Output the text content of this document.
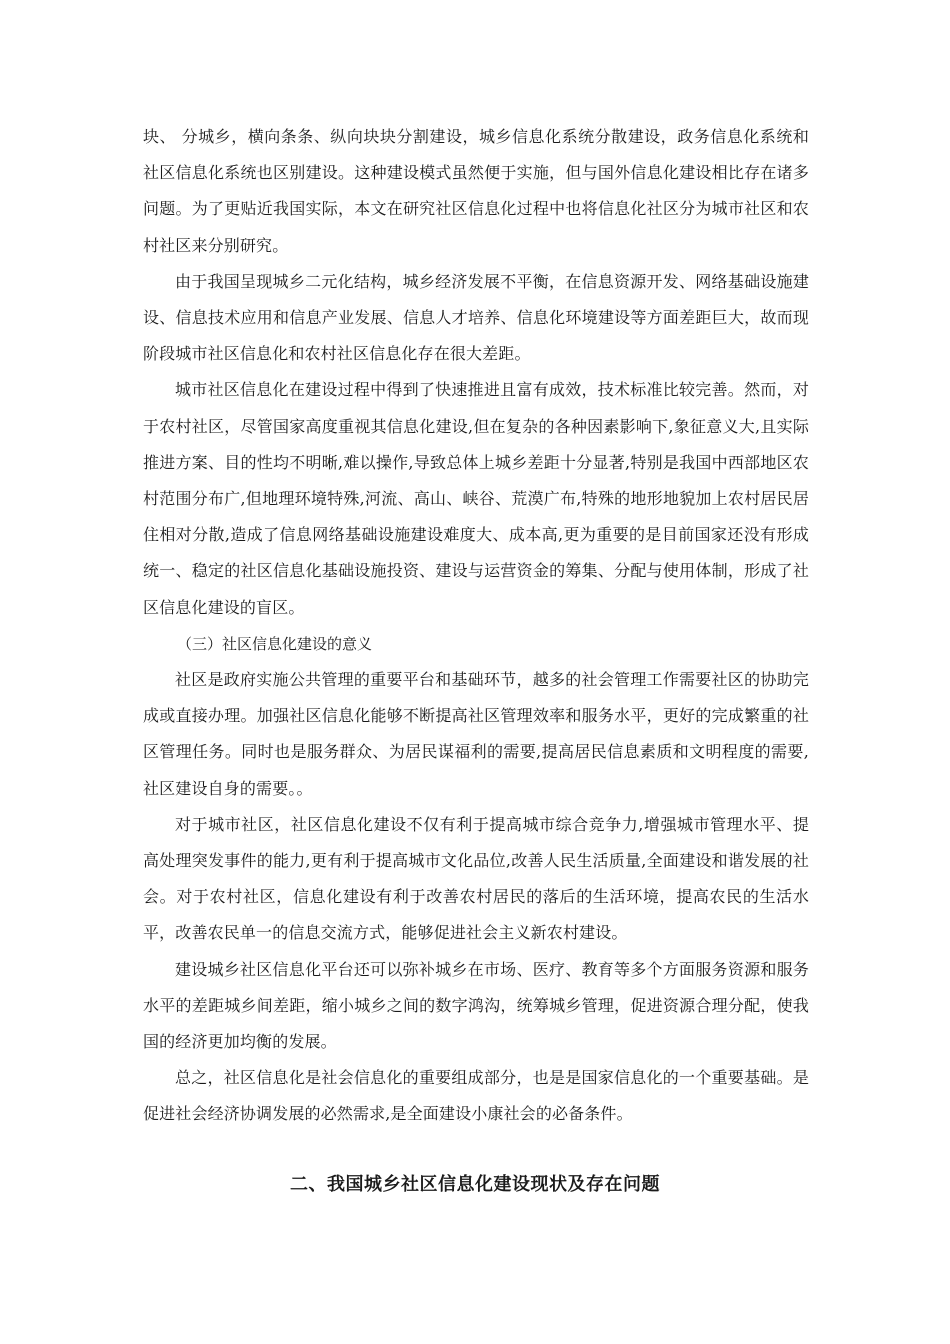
块、 分城乡，横向条条、纵向块块分割建设，城乡信息化系统分散建设，政务信息化系统和社区信息化系统也区别建设。这种建设模式虽然便于实施，但与国外信息化建设相比存在诸多问题。为了更贴近我国实际，本文在研究社区信息化过程中也将信息化社区分为城市社区和农村社区来分别研究。

由于我国呈现城乡二元化结构，城乡经济发展不平衡，在信息资源开发、网络基础设施建设、信息技术应用和信息产业发展、信息人才培养、信息化环境建设等方面差距巨大，故而现阶段城市社区信息化和农村社区信息化存在很大差距。

城市社区信息化在建设过程中得到了快速推进且富有成效，技术标准比较完善。然而，对于农村社区，尽管国家高度重视其信息化建设,但在复杂的各种因素影响下,象征意义大,且实际推进方案、目的性均不明晰,难以操作,导致总体上城乡差距十分显著,特别是我国中西部地区农村范围分布广,但地理环境特殊,河流、高山、峡谷、荒漠广布,特殊的地形地貌加上农村居民居住相对分散,造成了信息网络基础设施建设难度大、成本高,更为重要的是目前国家还没有形成统一、稳定的社区信息化基础设施投资、建设与运营资金的筹集、分配与使用体制，形成了社区信息化建设的盲区。

（三）社区信息化建设的意义

社区是政府实施公共管理的重要平台和基础环节，越多的社会管理工作需要社区的协助完成或直接办理。加强社区信息化能够不断提高社区管理效率和服务水平，更好的完成繁重的社区管理任务。同时也是服务群众、为居民谋福利的需要,提高居民信息素质和文明程度的需要,社区建设自身的需要。。

对于城市社区，社区信息化建设不仅有利于提高城市综合竞争力,增强城市管理水平、提高处理突发事件的能力,更有利于提高城市文化品位,改善人民生活质量,全面建设和谐发展的社会。对于农村社区，信息化建设有利于改善农村居民的落后的生活环境，提高农民的生活水平，改善农民单一的信息交流方式，能够促进社会主义新农村建设。

建设城乡社区信息化平台还可以弥补城乡在市场、医疗、教育等多个方面服务资源和服务水平的差距城乡间差距，缩小城乡之间的数字鸿沟，统筹城乡管理，促进资源合理分配，使我国的经济更加均衡的发展。

总之，社区信息化是社会信息化的重要组成部分，也是是国家信息化的一个重要基础。是促进社会经济协调发展的必然需求,是全面建设小康社会的必备条件。

二、我国城乡社区信息化建设现状及存在问题
